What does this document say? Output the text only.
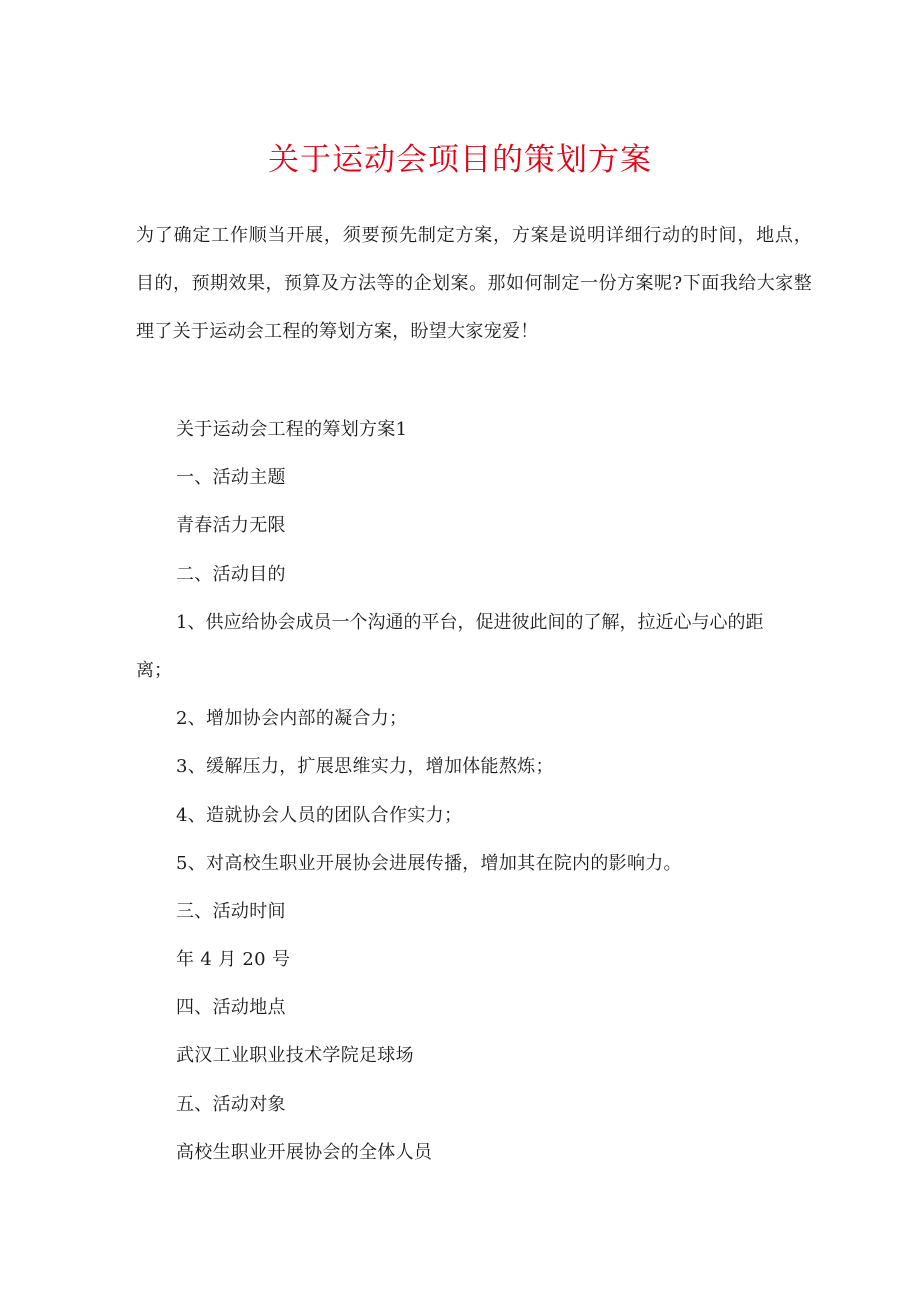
关于运动会项目的策划方案
为了确定工作顺当开展，须要预先制定方案，方案是说明详细行动的时间，地点，目的，预期效果，预算及方法等的企划案。那如何制定一份方案呢?下面我给大家整理了关于运动会工程的筹划方案，盼望大家宠爱！
关于运动会工程的筹划方案1
一、活动主题
青春活力无限
二、活动目的
1、供应给协会成员一个沟通的平台，促进彼此间的了解，拉近心与心的距
离；
2、增加协会内部的凝合力；
3、缓解压力，扩展思维实力，增加体能熬炼；
4、造就协会人员的团队合作实力；
5、对高校生职业开展协会进展传播，增加其在院内的影响力。
三、活动时间
年 4 月 20 号
四、活动地点
武汉工业职业技术学院足球场
五、活动对象
高校生职业开展协会的全体人员
